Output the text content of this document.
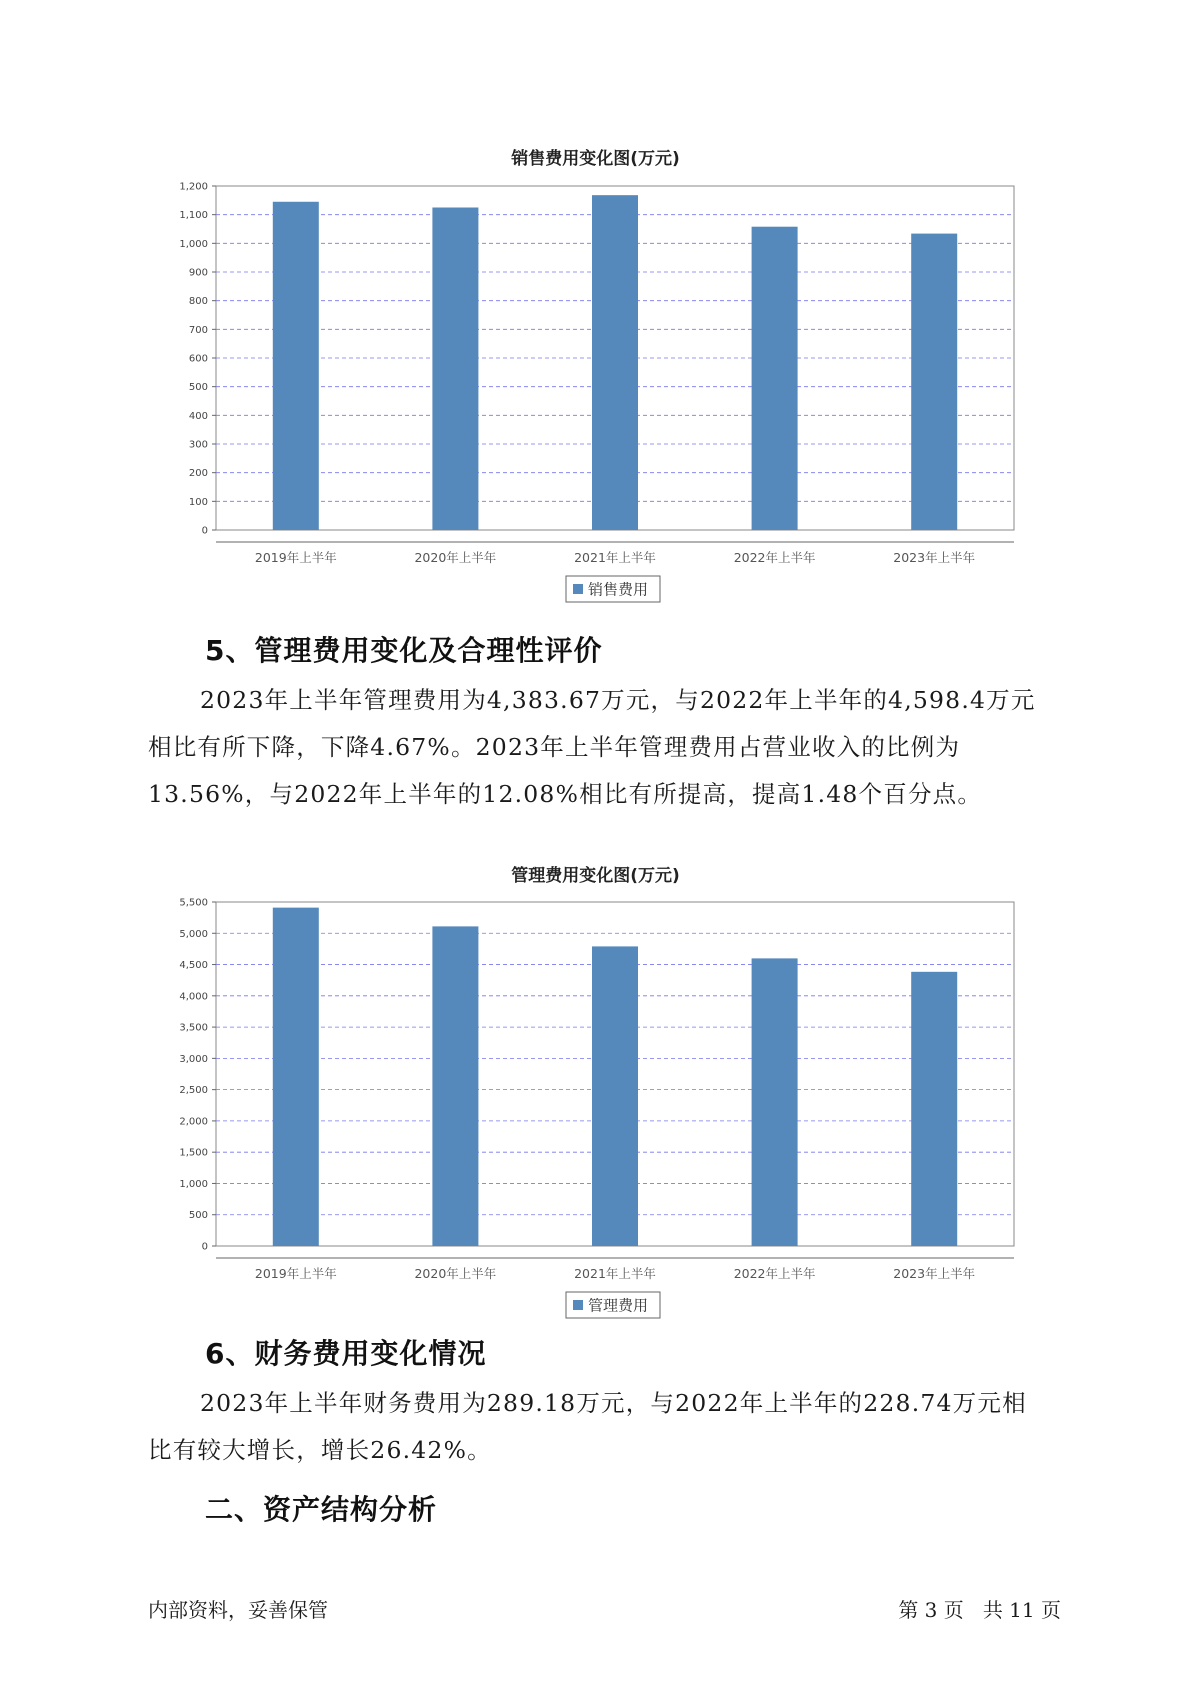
销售费用变化图(万元)
0
100
200
300
400
500
600
700
800
900
1,000
1,100
1,200
2019年上半年	2020年上半年	2021年上半年	2022年上半年	2023年上半年
销售费用
5、管理费用变化及合理性评价

2023年上半年管理费用为4,383.67万元，与2022年上半年的4,598.4万元相比有所下降，下降4.67%。2023年上半年管理费用占营业收入的比例为13.56%，与2022年上半年的12.08%相比有所提高，提高1.48个百分点。

管理费用变化图(万元)
0
500
1,000
1,500
2,000
2,500
3,000
3,500
4,000
4,500
5,000
5,500
2019年上半年	2020年上半年	2021年上半年	2022年上半年	2023年上半年
管理费用
6、财务费用变化情况

2023年上半年财务费用为289.18万元，与2022年上半年的228.74万元相比有较大增长，增长26.42%。

二、资产结构分析
内部资料，妥善保管	第 3 页   共 11 页
